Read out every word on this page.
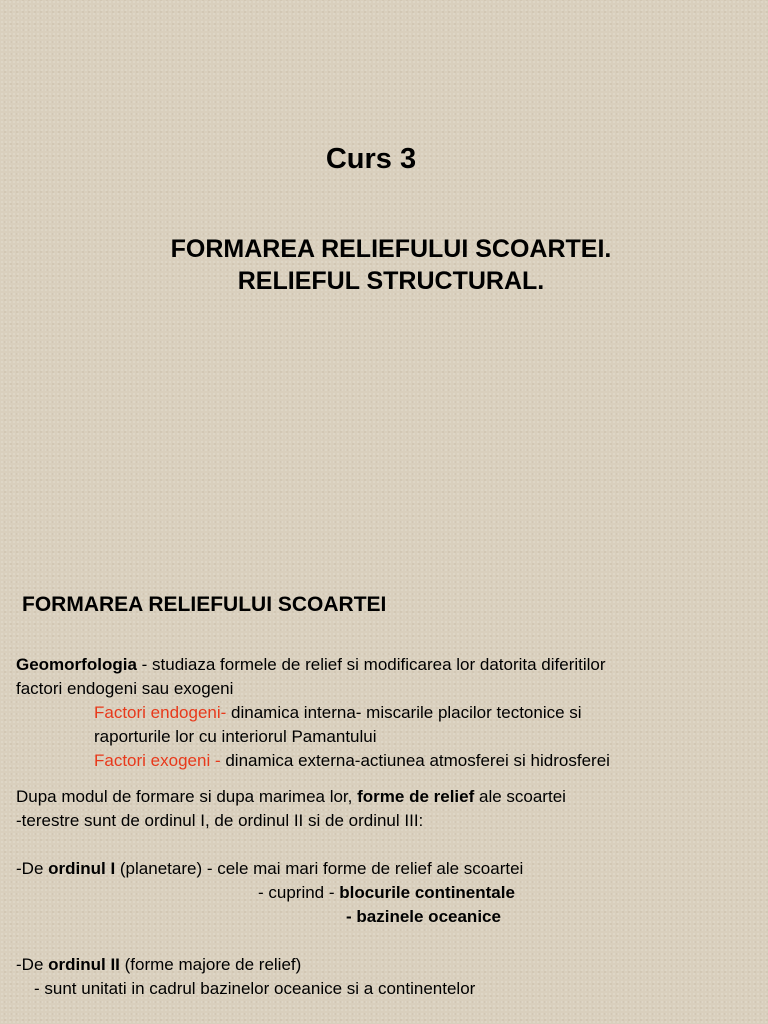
Curs 3
FORMAREA RELIEFULUI SCOARTEI.
RELIEFUL STRUCTURAL.
FORMAREA RELIEFULUI SCOARTEI
Geomorfologia - studiaza formele de relief si modificarea lor datorita diferitilor
factori endogeni sau exogeni
Factori endogeni- dinamica interna- miscarile placilor tectonice si
raporturile lor cu interiorul Pamantului
Factori exogeni - dinamica externa-actiunea atmosferei si hidrosferei
Dupa modul de formare si dupa marimea lor, forme de relief ale scoartei
-terestre sunt de ordinul I, de ordinul II si de ordinul III:
-De ordinul I (planetare) - cele mai mari forme de relief ale scoartei
- cuprind - blocurile continentale
- bazinele oceanice
-De ordinul II (forme majore de relief)
- sunt unitati in cadrul bazinelor oceanice si a continentelor
